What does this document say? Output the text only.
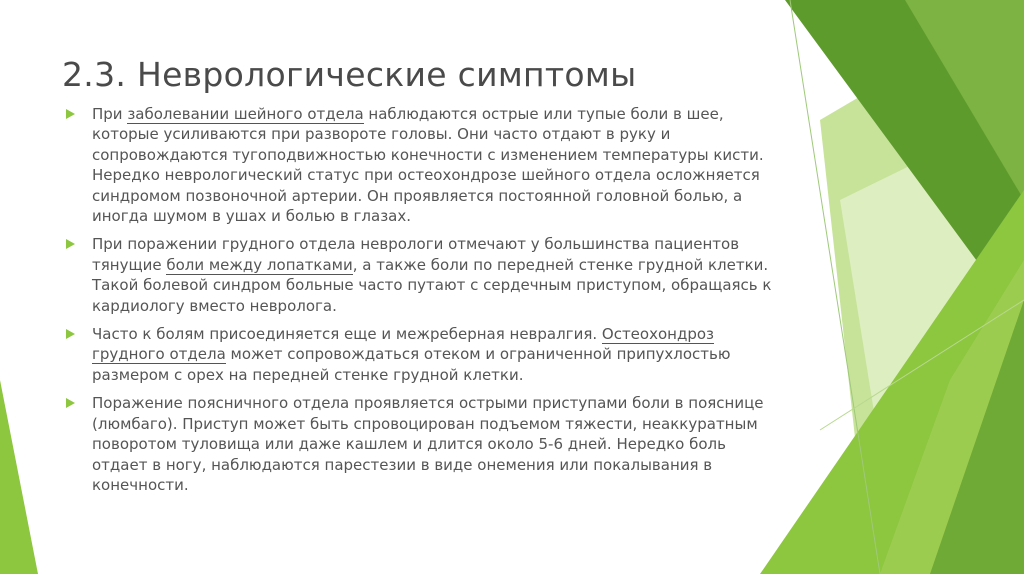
2.3. Неврологические симптомы
При заболевании шейного отдела наблюдаются острые или тупые боли в шее, которые усиливаются при развороте головы. Они часто отдают в руку и сопровождаются тугоподвижностью конечности с изменением температуры кисти. Нередко неврологический статус при остеохондрозе шейного отдела осложняется синдромом позвоночной артерии. Он проявляется постоянной головной болью, а иногда шумом в ушах и болью в глазах.
При поражении грудного отдела неврологи отмечают у большинства пациентов тянущие боли между лопатками, а также боли по передней стенке грудной клетки. Такой болевой синдром больные часто путают с сердечным приступом, обращаясь к кардиологу вместо невролога.
Часто к болям присоединяется еще и межреберная невралгия. Остеохондроз грудного отдела может сопровождаться отеком и ограниченной припухлостью размером с орех на передней стенке грудной клетки.
Поражение поясничного отдела проявляется острыми приступами боли в пояснице (люмбаго). Приступ может быть спровоцирован подъемом тяжести, неаккуратным поворотом туловища или даже кашлем и длится около 5-6 дней. Нередко боль отдает в ногу, наблюдаются парестезии в виде онемения или покалывания в конечности.
